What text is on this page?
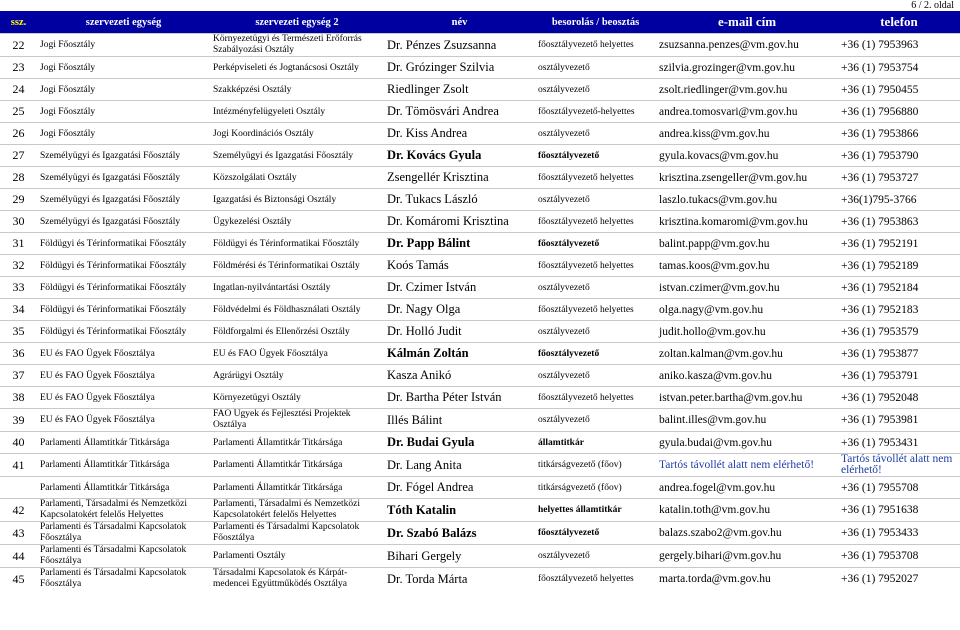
6 / 2. oldal
ssz.	szervezeti egység	szervezeti egység 2	név	besorolás / beosztás	e-mail cím	telefon

22	Jogi Főosztály	Környezetügyi és Természeti Erőforrás Szabályozási Osztály	Dr. Pénzes Zsuzsanna	főosztályvezető helyettes	zsuzsanna.penzes@vm.gov.hu	+36 (1) 7953963

23	Jogi Főosztály	Perképviseleti és Jogtanácsosi Osztály	Dr. Grózinger Szilvia	osztályvezető	szilvia.grozinger@vm.gov.hu	+36 (1) 7953754

24	Jogi Főosztály	Szakképzési Osztály	Riedlinger Zsolt	osztályvezető	zsolt.riedlinger@vm.gov.hu	+36 (1) 7950455

25	Jogi Főosztály	Intézményfelügyeleti Osztály	Dr. Tömösvári Andrea	főosztályvezető-helyettes	andrea.tomosvari@vm.gov.hu	+36 (1) 7956880

26	Jogi Főosztály	Jogi Koordinációs Osztály	Dr. Kiss Andrea	osztályvezető	andrea.kiss@vm.gov.hu	+36 (1) 7953866

27	Személyügyi és Igazgatási Főosztály	Személyügyi és Igazgatási Főosztály	Dr. Kovács Gyula	főosztályvezető	gyula.kovacs@vm.gov.hu	+36 (1) 7953790

28	Személyügyi és Igazgatási Főosztály	Közszolgálati Osztály	Zsengellér Krisztina	főosztályvezető helyettes	krisztina.zsengeller@vm.gov.hu	+36 (1) 7953727

29	Személyügyi és Igazgatási Főosztály	Igazgatási és Biztonsági Osztály	Dr. Tukacs László	osztályvezető	laszlo.tukacs@vm.gov.hu	+36(1)795-3766

30	Személyügyi és Igazgatási Főosztály	Ügykezelési Osztály	Dr. Komáromi Krisztina	főosztályvezető helyettes	krisztina.komaromi@vm.gov.hu	+36 (1) 7953863

31	Földügyi és Térinformatikai Főosztály	Földügyi és Térinformatikai Főosztály	Dr. Papp Bálint	főosztályvezető	balint.papp@vm.gov.hu	+36 (1) 7952191

32	Földügyi és Térinformatikai Főosztály	Földmérési és Térinformatikai Osztály	Koós Tamás	főosztályvezető helyettes	tamas.koos@vm.gov.hu	+36 (1) 7952189

33	Földügyi és Térinformatikai Főosztály	Ingatlan-nyilvántartási Osztály	Dr. Czimer István	osztályvezető	istvan.czimer@vm.gov.hu	+36 (1) 7952184

34	Földügyi és Térinformatikai Főosztály	Földvédelmi és Földhasználati Osztály	Dr. Nagy Olga	főosztályvezető helyettes	olga.nagy@vm.gov.hu	+36 (1) 7952183

35	Földügyi és Térinformatikai Főosztály	Földforgalmi és Ellenőrzési Osztály	Dr. Holló Judit	osztályvezető	judit.hollo@vm.gov.hu	+36 (1) 7953579

36	EU és FAO Ügyek Főosztálya	EU és FAO Ügyek Főosztálya	Kálmán Zoltán	főosztályvezető	zoltan.kalman@vm.gov.hu	+36 (1) 7953877

37	EU és FAO Ügyek Főosztálya	Agrárügyi Osztály	Kasza Anikó	osztályvezető	aniko.kasza@vm.gov.hu	+36 (1) 7953791

38	EU és FAO Ügyek Főosztálya	Környezetügyi Osztály	Dr. Bartha Péter István	főosztályvezető helyettes	istvan.peter.bartha@vm.gov.hu	+36 (1) 7952048

39	EU és FAO Ügyek Főosztálya	FAO Ügyek és Fejlesztési Projektek Osztálya	Illés Bálint	osztályvezető	balint.illes@vm.gov.hu	+36 (1) 7953981

40	Parlamenti Államtitkár Titkársága	Parlamenti Államtitkár Titkársága	Dr. Budai Gyula	államtitkár	gyula.budai@vm.gov.hu	+36 (1) 7953431

41	Parlamenti Államtitkár Titkársága	Parlamenti Államtitkár Titkársága	Dr. Lang Anita	titkárságvezető (főov)	Tartós távollét alatt nem elérhető!	Tartós távollét alatt nem elérhető!

	Parlamenti Államtitkár Titkársága	Parlamenti Államtitkár Titkársága	Dr. Fógel Andrea	titkárságvezető (főov)	andrea.fogel@vm.gov.hu	+36 (1) 7955708

42	Parlamenti, Társadalmi és Nemzetközi Kapcsolatokért felelős Helyettes	Parlamenti, Társadalmi és Nemzetközi Kapcsolatokért felelős Helyettes	Tóth Katalin	helyettes államtitkár	katalin.toth@vm.gov.hu	+36 (1) 7951638

43	Parlamenti és Társadalmi Kapcsolatok Főosztálya	Parlamenti és Társadalmi Kapcsolatok Főosztálya	Dr. Szabó Balázs	főosztályvezető	balazs.szabo2@vm.gov.hu	+36 (1) 7953433

44	Parlamenti és Társadalmi Kapcsolatok Főosztálya	Parlamenti Osztály	Bihari Gergely	osztályvezető	gergely.bihari@vm.gov.hu	+36 (1) 7953708

45	Parlamenti és Társadalmi Kapcsolatok Főosztálya	Társadalmi Kapcsolatok és Kárpát-medencei Együttműködés Osztálya	Dr. Torda Márta	főosztályvezető helyettes	marta.torda@vm.gov.hu	+36 (1) 7952027
